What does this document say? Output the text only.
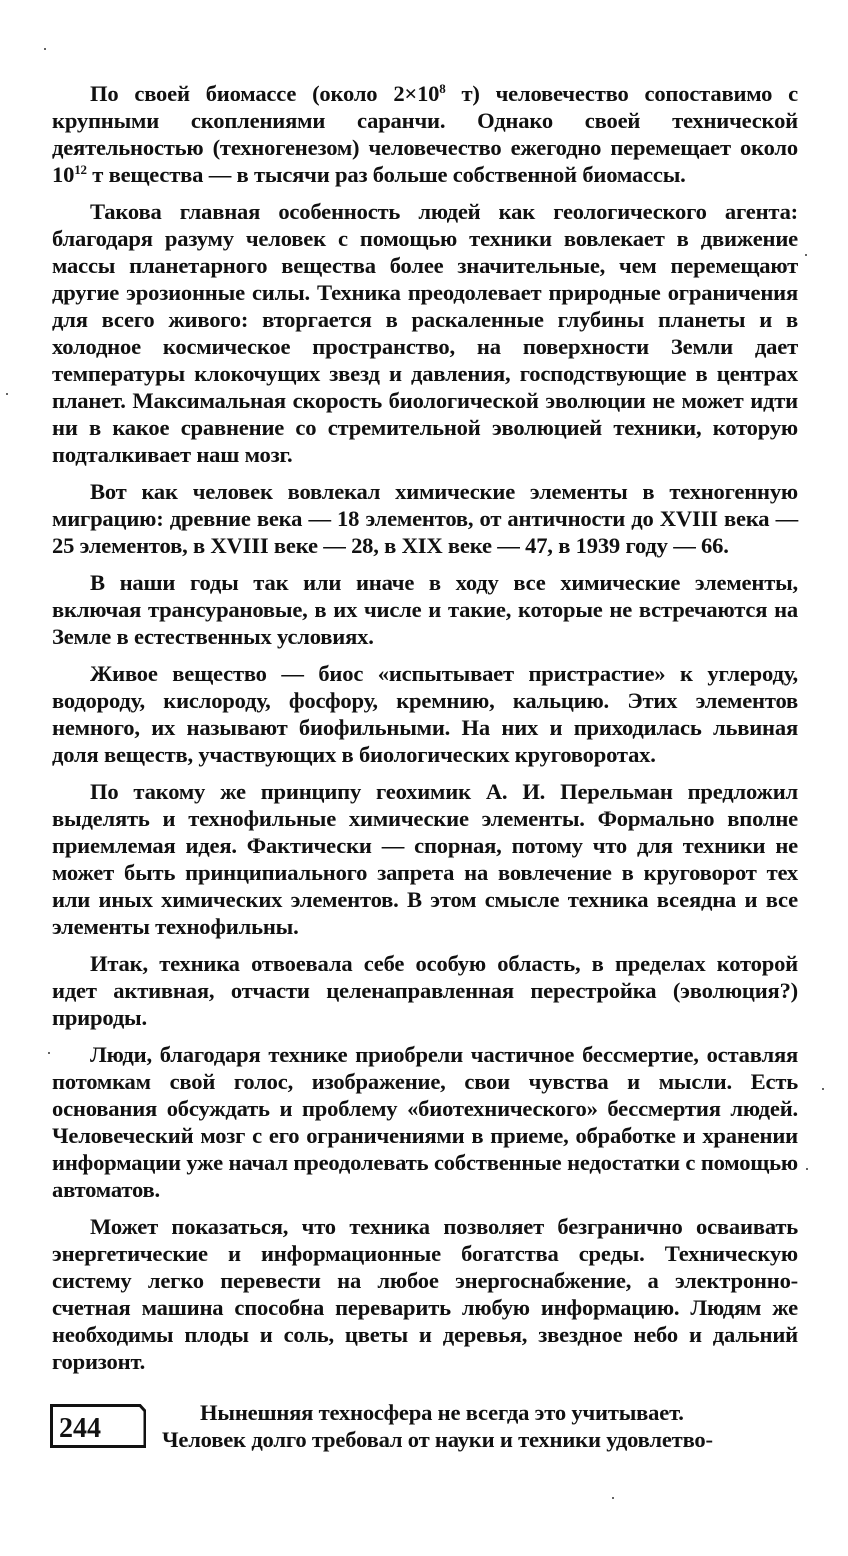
По своей биомассе (около $2\times 10^8$ т) человечество сопоставимо с крупными скоплениями саранчи. Однако своей технической деятельностью (техногенезом) человечество ежегодно перемещает около $10^{12}$ т вещества — в тысячи раз больше собственной биомассы.

Такова главная особенность людей как геологического агента: благодаря разуму человек с помощью техники вовлекает в движение массы планетарного вещества более значительные, чем перемещают другие эрозионные силы. Техника преодолевает природные ограничения для всего живого: вторгается в раскаленные глубины планеты и в холодное космическое пространство, на поверхности Земли дает температуры клокочущих звезд и давления, господствующие в центрах планет. Максимальная скорость биологической эволюции не может идти ни в какое сравнение со стремительной эволюцией техники, которую подталкивает наш мозг.

Вот как человек вовлекал химические элементы в техногенную миграцию: древние века — 18 элементов, от античности до XVIII века — 25 элементов, в XVIII веке — 28, в XIX веке — 47, в 1939 году — 66.

В наши годы так или иначе в ходу все химические элементы, включая трансурановые, в их числе и такие, которые не встречаются на Земле в естественных условиях.

Живое вещество — биос «испытывает пристрастие» к углероду, водороду, кислороду, фосфору, кремнию, кальцию. Этих элементов немного, их называют биофильными. На них и приходилась львиная доля веществ, участвующих в биологических круговоротах.

По такому же принципу геохимик А. И. Перельман предложил выделять и технофильные химические элементы. Формально вполне приемлемая идея. Фактически — спорная, потому что для техники не может быть принципиального запрета на вовлечение в круговорот тех или иных химических элементов. В этом смысле техника всеядна и все элементы технофильны.

Итак, техника отвоевала себе особую область, в пределах которой идет активная, отчасти целенаправленная перестройка (эволюция?) природы.

Люди, благодаря технике приобрели частичное бессмертие, оставляя потомкам свой голос, изображение, свои чувства и мысли. Есть основания обсуждать и проблему «биотехнического» бессмертия людей. Человеческий мозг с его ограничениями в приеме, обработке и хранении информации уже начал преодолевать собственные недостатки с помощью автоматов.

Может показаться, что техника позволяет безгранично осваивать энергетические и информационные богатства среды. Техническую систему легко перевести на любое энергоснабжение, а электронно-счетная машина способна переварить любую информацию. Людям же необходимы плоды и соль, цветы и деревья, звездное небо и дальний горизонт.

244
Нынешняя техносфера не всегда это учитывает.
Человек долго требовал от науки и техники удовлетво-
